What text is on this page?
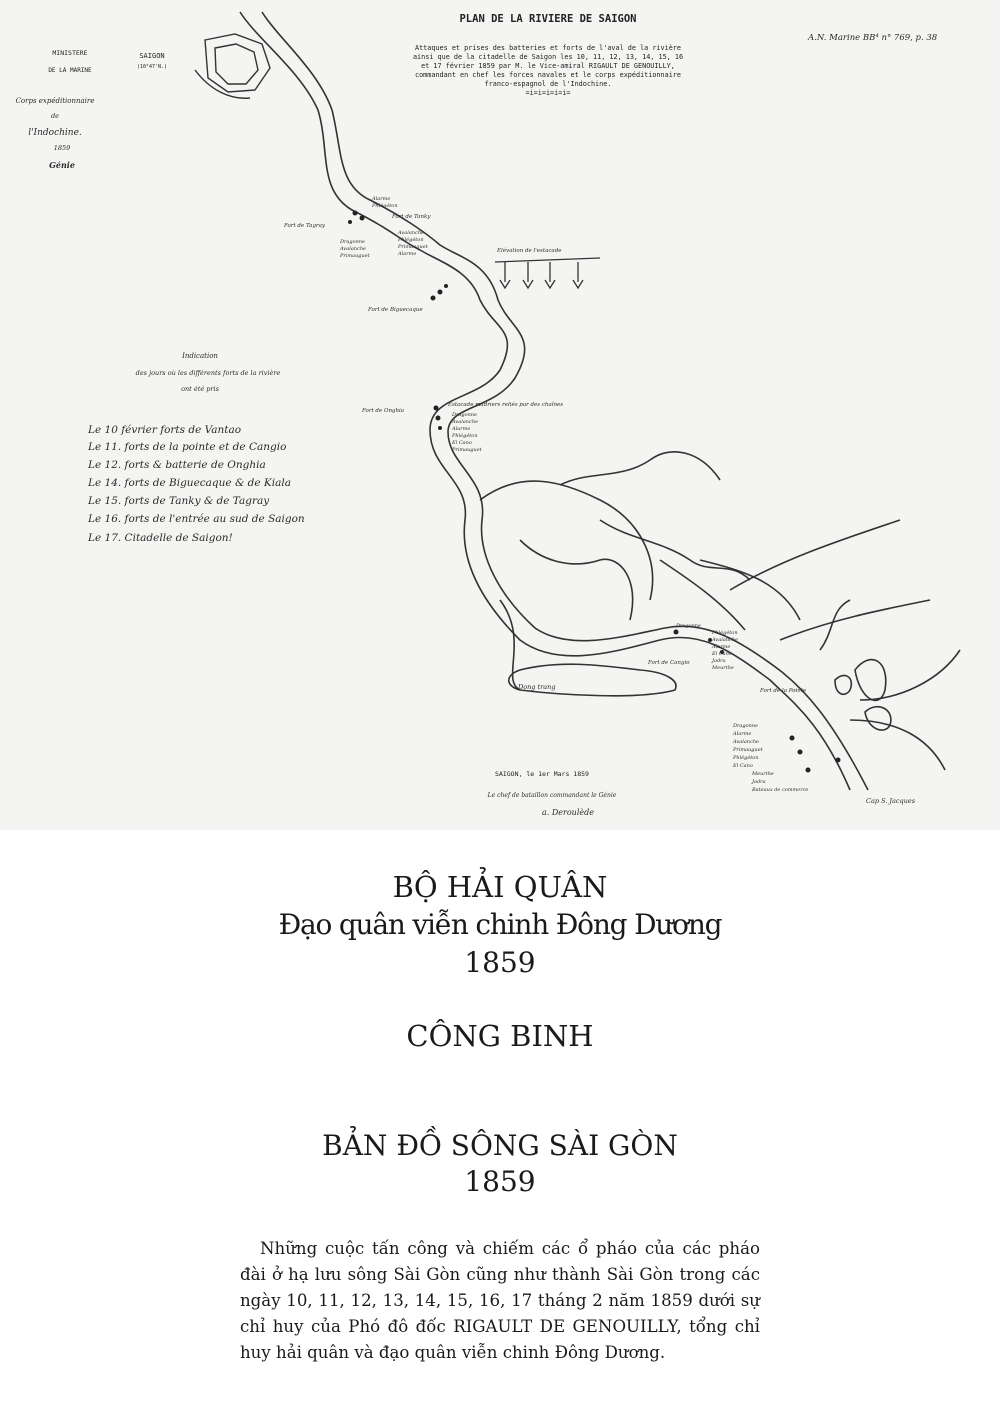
PLAN DE LA RIVIERE DE SAIGON
Attaques et prises des batteries et forts de l'aval de la rivière
ainsi que de la citadelle de Saigon les 10, 11, 12, 13, 14, 15, 16
et 17 février 1859 par M. le Vice-amiral RIGAULT DE GENOUILLY,
commandant en chef les forces navales et le corps expéditionnaire
franco-espagnol de l'Indochine.
=i=i=i=i=i=
A.N. Marine BB⁴ n° 769, p. 38
MINISTERE
DE LA MARINE
Corps expéditionnaire
de
l'Indochine.
1859
Génie
SAIGON
(10°47'N.)
Indication
des jours où les différents forts de la rivière
ont été pris
Le 10 février forts de Vantao
Le 11. forts de la pointe et de Cangio
Le 12. forts & batterie de Onghia
Le 14. forts de Biguecaque & de Kiala
Le 15. forts de Tanky & de Tagray
Le 16. forts de l'entrée au sud de Saigon
Le 17. Citadelle de Saigon!
Fort de Tagray
Fort de Tanky
Fort de Biguecaque
Fort de Onghia
Fort de Cangio
Fort de la Pointe
Dong trang
Cap S. Jacques
Elévation de l'estacade
Estacade madriers reliés par des chaînes
Alarme
Phlégéton
Avalanche
Phlégéton
Primauguet
Alarme
Dragonne
Avalanche
Primauguet
Dragonne
Avalanche
Alarme
Phlégéton
El Cano
Primauguet
Dragonne
Phlégéton
Avalanche
Alarme
El Cano
Jadra
Meurthe
Dragonne
Alarme
Avalanche
Primauguet
Phlégéton
El Cano
Meurthe
Jadra
Bateaux de commerce
SAIGON, le 1er Mars 1859
Le chef de bataillon commandant le Génie
a. Deroulède
BỘ HẢI QUÂN
Đạo quân viễn chinh Đông Dương
1859
CÔNG BINH
BẢN ĐỒ SÔNG SÀI GÒN
1859
Những cuộc tấn công và chiếm các ổ pháo của các pháo đài ở hạ lưu sông Sài Gòn cũng như thành Sài Gòn trong các ngày 10, 11, 12, 13, 14, 15, 16, 17 tháng 2 năm 1859 dưới sự chỉ huy của Phó đô đốc RIGAULT DE GENOUILLY, tổng chỉ huy hải quân và đạo quân viễn chinh Đông Dương.
